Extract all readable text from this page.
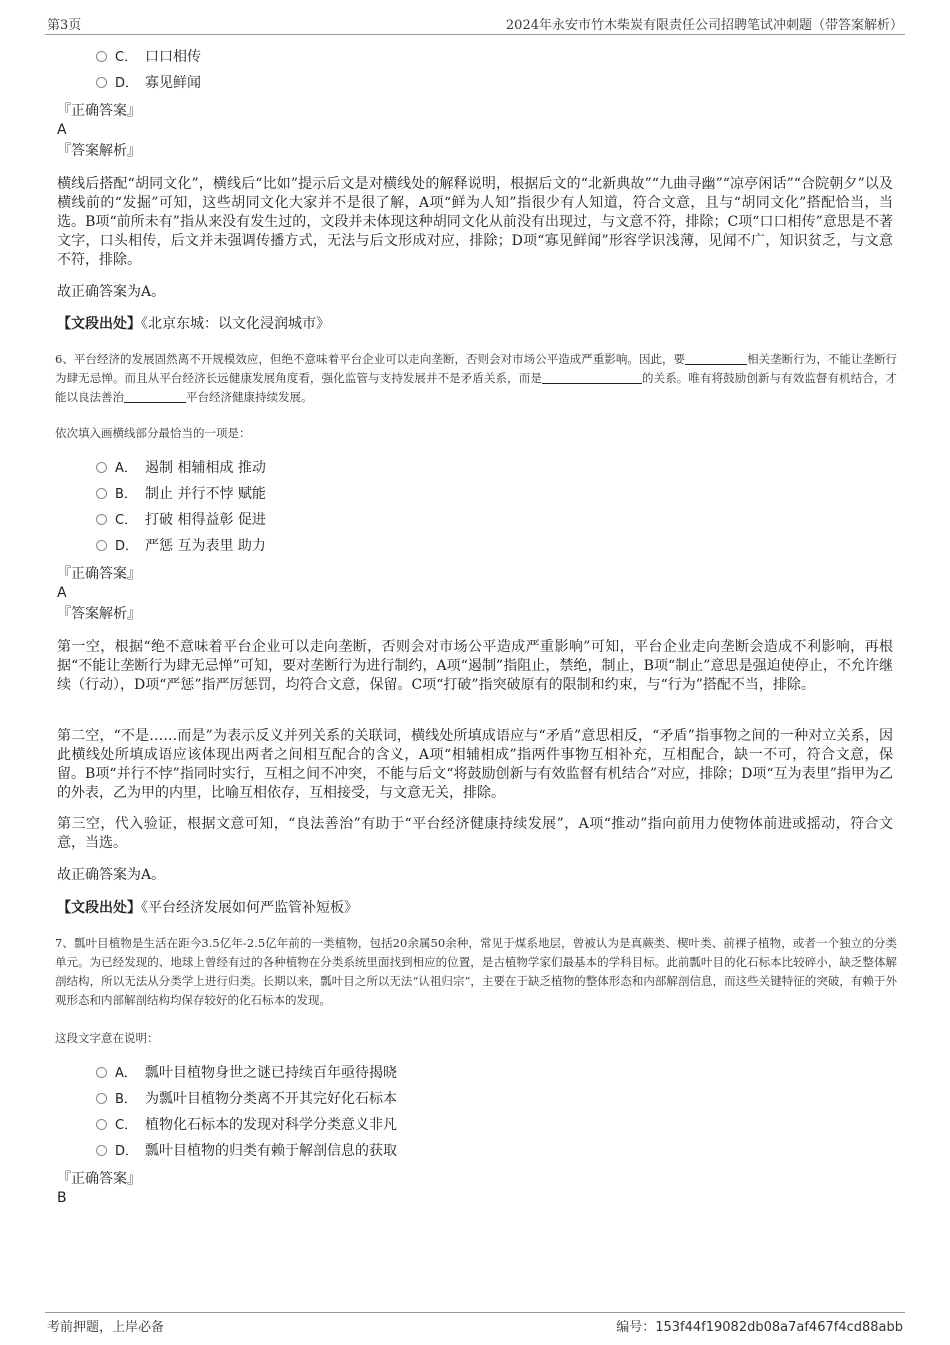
第3页	2024年永安市竹木柴炭有限责任公司招聘笔试冲刺题（带答案解析）
C． 口口相传
D． 寡见鲜闻
『正确答案』
A
『答案解析』
横线后搭配“胡同文化”，横线后“比如”提示后文是对横线处的解释说明，根据后文的“北新典故”“九曲寻幽”“凉亭闲话”“合院朝夕”以及横线前的“发掘”可知，这些胡同文化大家并不是很了解，A项“鲜为人知”指很少有人知道，符合文意，且与“胡同文化”搭配恰当，当选。B项“前所未有”指从来没有发生过的，文段并未体现这种胡同文化从前没有出现过，与文意不符，排除；C项“口口相传”意思是不著文字，口头相传，后文并未强调传播方式，无法与后文形成对应，排除；D项“寡见鲜闻”形容学识浅薄，见闻不广，知识贫乏，与文意不符，排除。
故正确答案为A。
【文段出处】《北京东城：以文化浸润城市》
6、平台经济的发展固然离不开规模效应，但绝不意味着平台企业可以走向垄断，否则会对市场公平造成严重影响。因此，要	相关垄断行为，不能让垄断行为肆无忌惮。而且从平台经济长远健康发展角度看，强化监管与支持发展并不是矛盾关系，而是	的关系。唯有将鼓励创新与有效监督有机结合，才能以良法善治	平台经济健康持续发展。
依次填入画横线部分最恰当的一项是：
A． 遏制 相辅相成 推动
B． 制止 并行不悖 赋能
C． 打破 相得益彰 促进
D． 严惩 互为表里 助力
『正确答案』
A
『答案解析』
第一空，根据“绝不意味着平台企业可以走向垄断，否则会对市场公平造成严重影响”可知，平台企业走向垄断会造成不利影响，再根据“不能让垄断行为肆无忌惮”可知，要对垄断行为进行制约，A项“遏制”指阻止，禁绝，制止，B项“制止”意思是强迫使停止，不允许继续（行动），D项“严惩”指严厉惩罚，均符合文意，保留。C项“打破”指突破原有的限制和约束，与“行为”搭配不当，排除。
第二空，“不是……而是”为表示反义并列关系的关联词，横线处所填成语应与“矛盾”意思相反，“矛盾”指事物之间的一种对立关系，因此横线处所填成语应该体现出两者之间相互配合的含义，A项“相辅相成”指两件事物互相补充，互相配合，缺一不可，符合文意，保留。B项“并行不悖”指同时实行，互相之间不冲突，不能与后文“将鼓励创新与有效监督有机结合”对应，排除；D项“互为表里”指甲为乙的外表，乙为甲的内里，比喻互相依存，互相接受，与文意无关，排除。
第三空，代入验证，根据文意可知，“良法善治”有助于“平台经济健康持续发展”，A项“推动”指向前用力使物体前进或摇动，符合文意，当选。
故正确答案为A。
【文段出处】《平台经济发展如何严监管补短板》
7、瓢叶目植物是生活在距今3.5亿年-2.5亿年前的一类植物，包括20余属50余种，常见于煤系地层，曾被认为是真蕨类、楔叶类、前裸子植物，或者一个独立的分类单元。为已经发现的、地球上曾经有过的各种植物在分类系统里面找到相应的位置，是古植物学家们最基本的学科目标。此前瓢叶目的化石标本比较碎小，缺乏整体解剖结构，所以无法从分类学上进行归类。长期以来，瓢叶目之所以无法“认祖归宗”，主要在于缺乏植物的整体形态和内部解剖信息，而这些关键特征的突破，有赖于外观形态和内部解剖结构均保存较好的化石标本的发现。
这段文字意在说明：
A． 瓢叶目植物身世之谜已持续百年亟待揭晓
B． 为瓢叶目植物分类离不开其完好化石标本
C． 植物化石标本的发现对科学分类意义非凡
D． 瓢叶目植物的归类有赖于解剖信息的获取
『正确答案』
B
考前押题，上岸必备	编号：153f44f19082db08a7af467f4cd88abb
